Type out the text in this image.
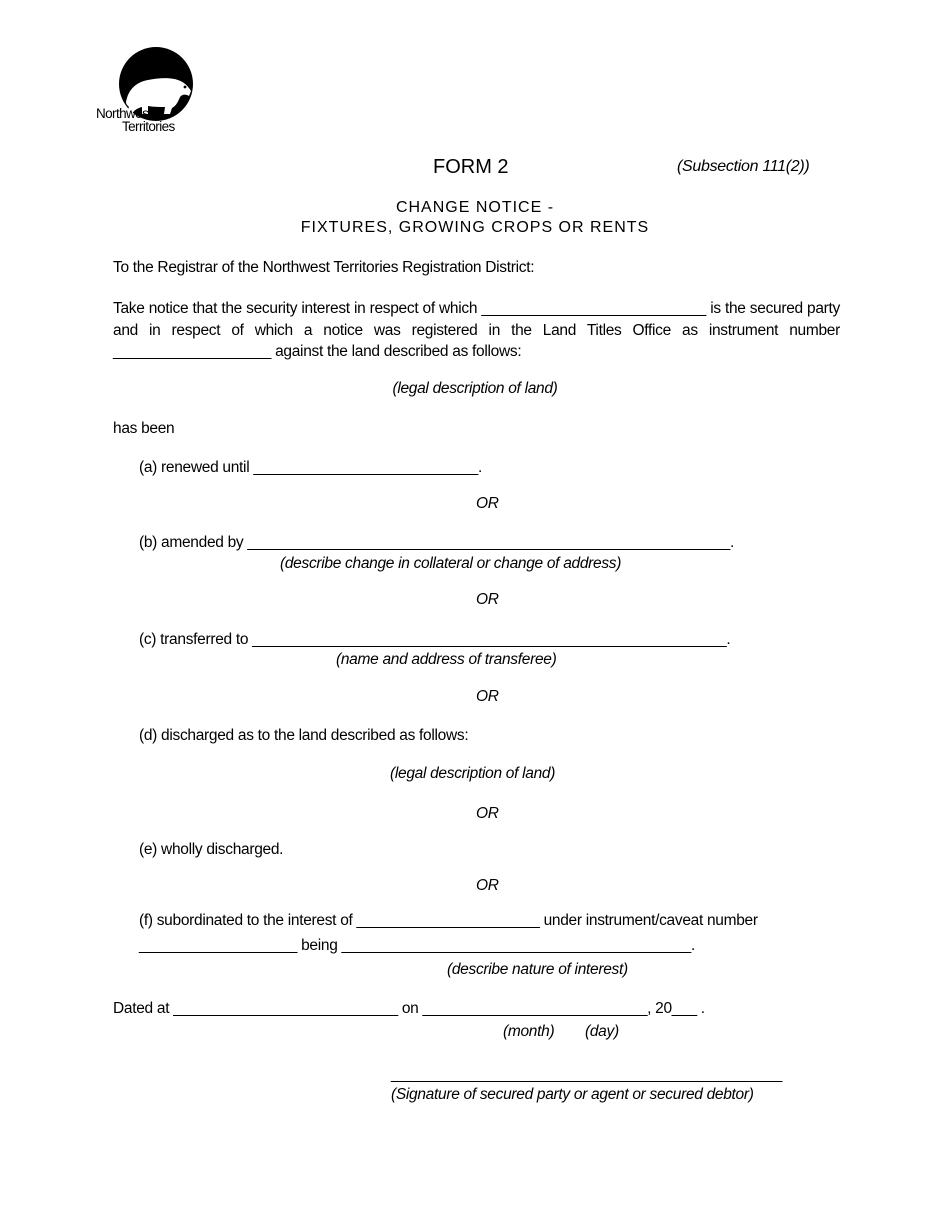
Northwest
Territories
FORM 2	(Subsection 111(2))
CHANGE NOTICE -
FIXTURES, GROWING CROPS OR RENTS
To the Registrar of the Northwest Territories Registration District:
Take notice that the security interest in respect of which ___________________________ is the secured party and in respect of which a notice was registered in the Land Titles Office as instrument number ___________________ against the land described as follows:
(legal description of land)
has been
(a) renewed until ___________________________.
OR
(b) amended by __________________________________________________________.
(describe change in collateral or change of address)
OR
(c) transferred to _________________________________________________________.
(name and address of transferee)
OR
(d) discharged as to the land described as follows:
(legal description of land)
OR
(e) wholly discharged.
OR
(f) subordinated to the interest of ______________________ under instrument/caveat number
___________________ being __________________________________________.
(describe nature of interest)
Dated at ___________________________ on ___________________________, 20___ .
(month) (day)
_______________________________________________
(Signature of secured party or agent or secured debtor)
